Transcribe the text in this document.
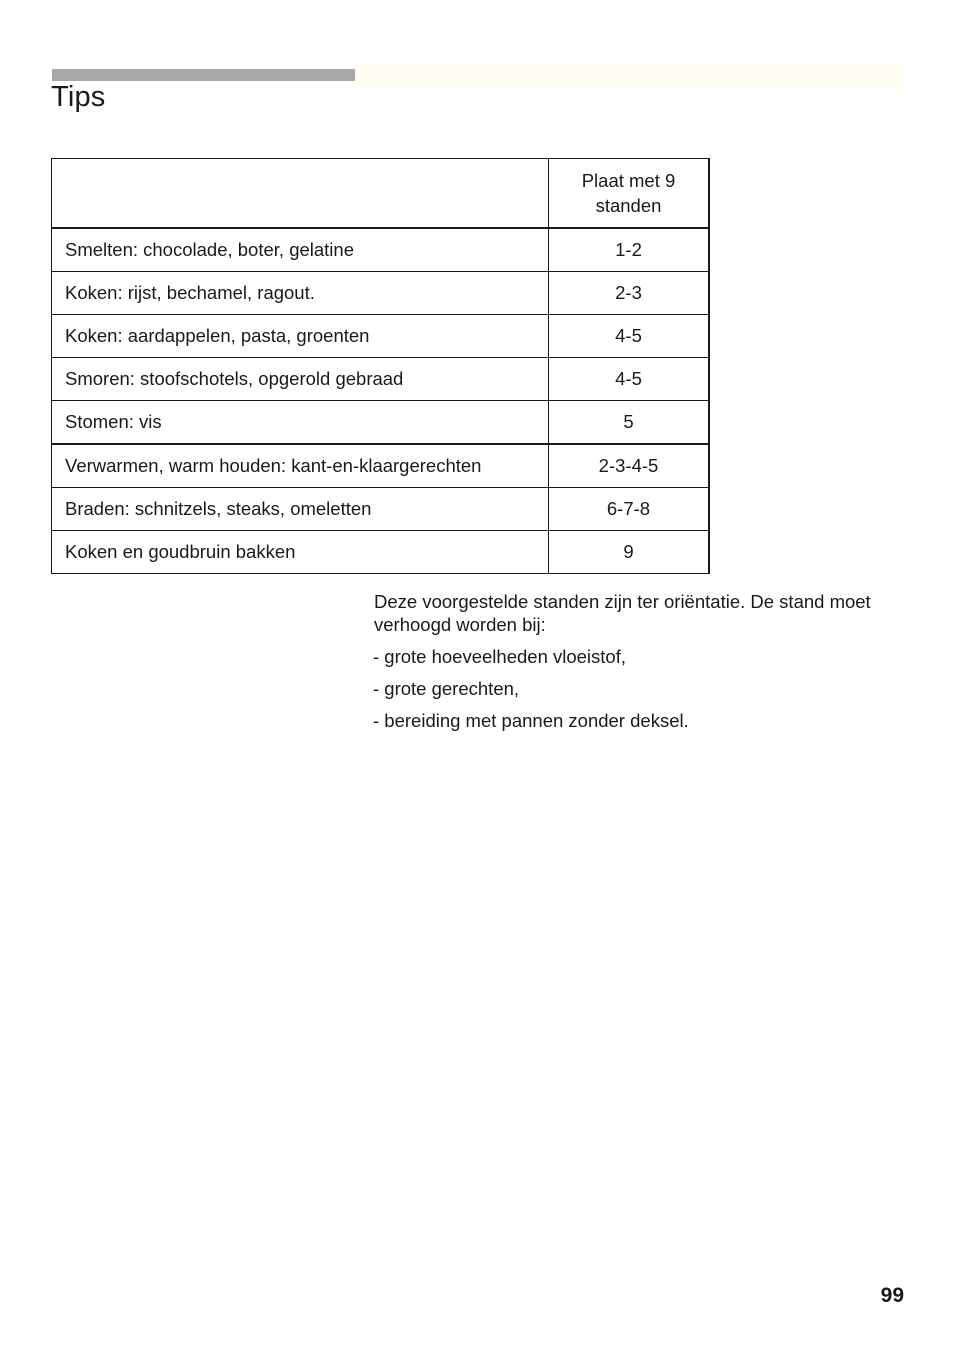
Tips
	Plaat met 9 standen
Smelten: chocolade, boter, gelatine	1-2
Koken: rijst, bechamel, ragout.	2-3
Koken: aardappelen, pasta, groenten	4-5
Smoren: stoofschotels, opgerold gebraad	4-5
Stomen: vis	5
Verwarmen, warm houden: kant-en-klaargerechten	2-3-4-5
Braden: schnitzels, steaks, omeletten	6-7-8
Koken en goudbruin bakken	9

Deze voorgestelde standen zijn ter oriëntatie. De stand moet verhoogd worden bij:

- grote hoeveelheden vloeistof,

- grote gerechten,

- bereiding met pannen zonder deksel.

99
